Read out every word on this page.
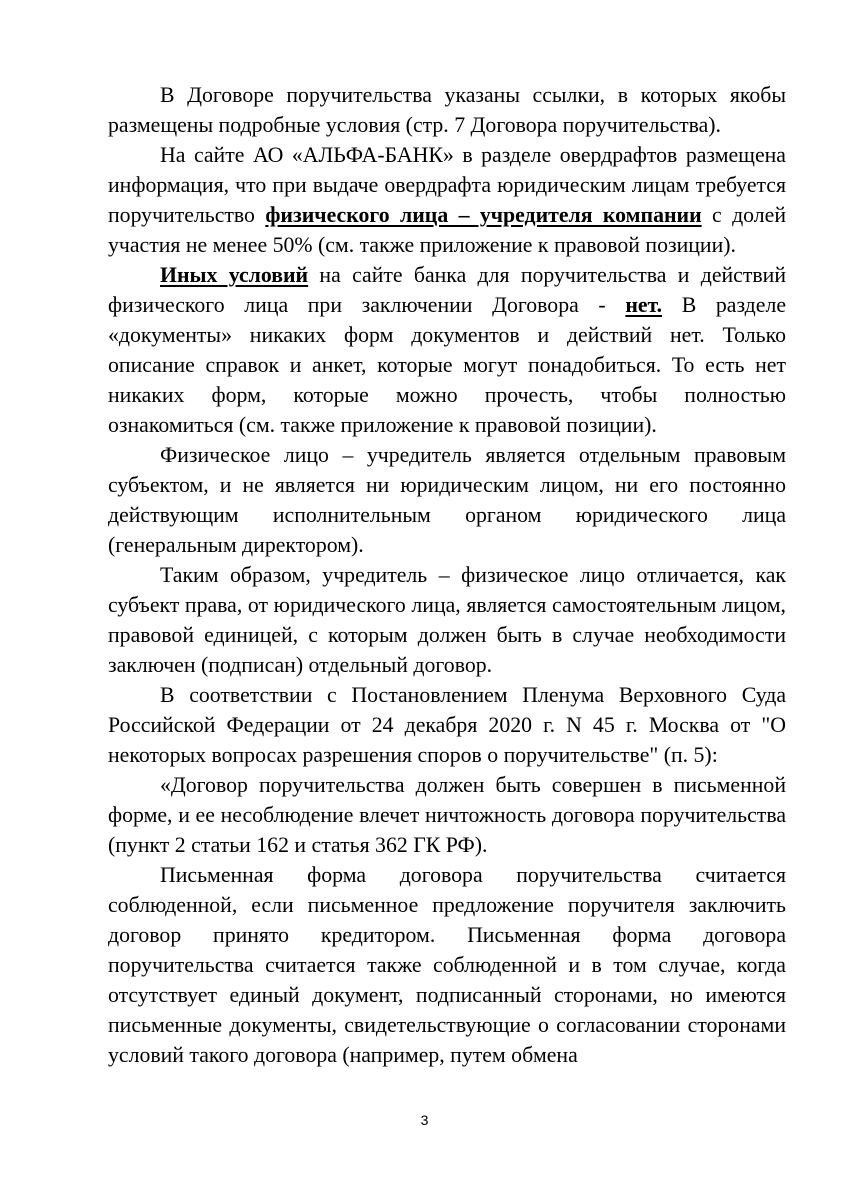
В Договоре поручительства указаны ссылки, в которых якобы размещены подробные условия (стр. 7 Договора поручительства).

На сайте АО «АЛЬФА-БАНК» в разделе овердрафтов размещена информация, что при выдаче овердрафта юридическим лицам требуется поручительство физического лица – учредителя компании с долей участия не менее 50% (см. также приложение к правовой позиции).

Иных условий на сайте банка для поручительства и действий физического лица при заключении Договора - нет. В разделе «документы» никаких форм документов и действий нет. Только описание справок и анкет, которые могут понадобиться. То есть нет никаких форм, которые можно прочесть, чтобы полностью ознакомиться (см. также приложение к правовой позиции).

Физическое лицо – учредитель является отдельным правовым субъектом, и не является ни юридическим лицом, ни его постоянно действующим исполнительным органом юридического лица (генеральным директором).

Таким образом, учредитель – физическое лицо отличается, как субъект права, от юридического лица, является самостоятельным лицом, правовой единицей, с которым должен быть в случае необходимости заключен (подписан) отдельный договор.

В соответствии с Постановлением Пленума Верховного Суда Российской Федерации от 24 декабря 2020 г. N 45 г. Москва от "О некоторых вопросах разрешения споров о поручительстве" (п. 5):

«Договор поручительства должен быть совершен в письменной форме, и ее несоблюдение влечет ничтожность договора поручительства (пункт 2 статьи 162 и статья 362 ГК РФ).

Письменная форма договора поручительства считается соблюденной, если письменное предложение поручителя заключить договор принято кредитором. Письменная форма договора поручительства считается также соблюденной и в том случае, когда отсутствует единый документ, подписанный сторонами, но имеются письменные документы, свидетельствующие о согласовании сторонами условий такого договора (например, путем обмена

3
